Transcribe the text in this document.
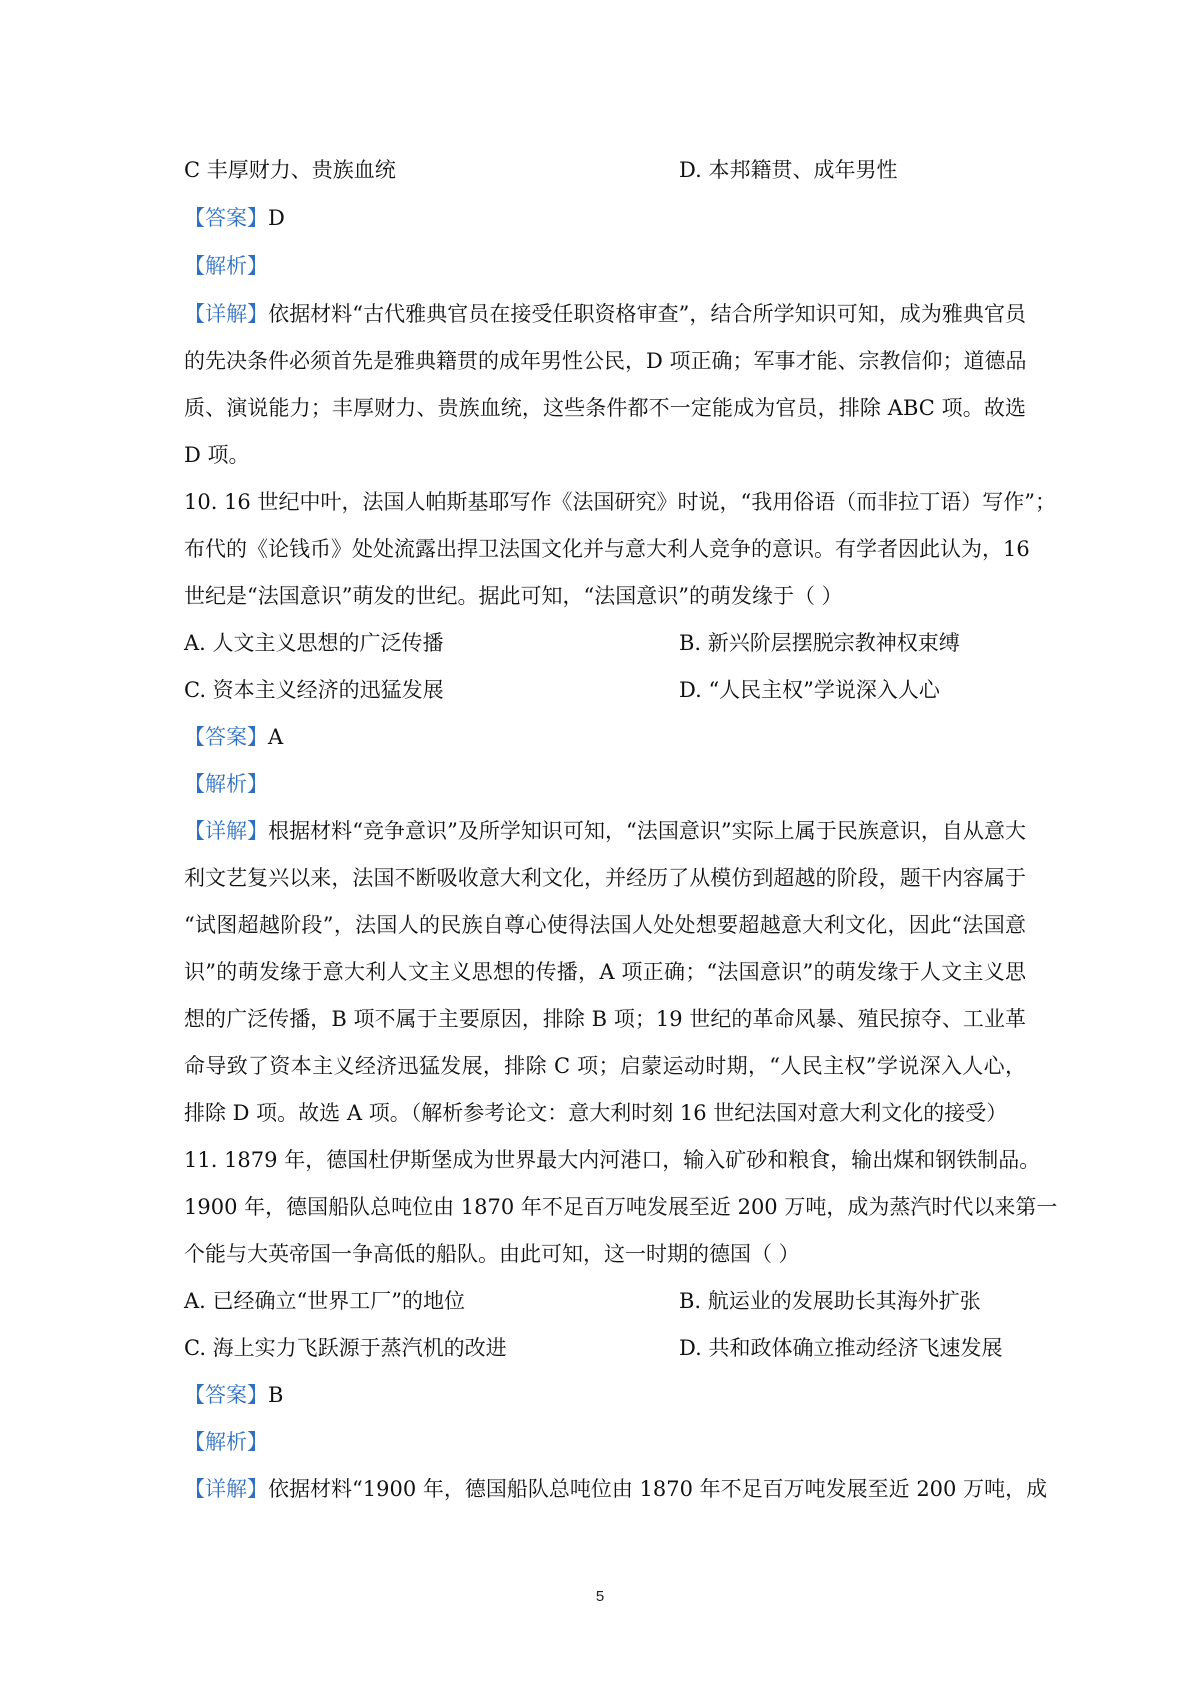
C 丰厚财力、贵族血统	D. 本邦籍贯、成年男性
【答案】D
【解析】
【详解】依据材料“古代雅典官员在接受任职资格审查”，结合所学知识可知，成为雅典官员
的先决条件必须首先是雅典籍贯的成年男性公民，D 项正确；军事才能、宗教信仰；道德品
质、演说能力；丰厚财力、贵族血统，这些条件都不一定能成为官员，排除 ABC 项。故选
D 项。
10. 16 世纪中叶，法国人帕斯基耶写作《法国研究》时说，“我用俗语（而非拉丁语）写作”；
布代的《论钱币》处处流露出捍卫法国文化并与意大利人竞争的意识。有学者因此认为，16
世纪是“法国意识”萌发的世纪。据此可知，“法国意识”的萌发缘于（ ）
A. 人文主义思想的广泛传播	B. 新兴阶层摆脱宗教神权束缚
C. 资本主义经济的迅猛发展	D. “人民主权”学说深入人心
【答案】A
【解析】
【详解】根据材料“竞争意识”及所学知识可知，“法国意识”实际上属于民族意识，自从意大
利文艺复兴以来，法国不断吸收意大利文化，并经历了从模仿到超越的阶段，题干内容属于
“试图超越阶段”，法国人的民族自尊心使得法国人处处想要超越意大利文化，因此“法国意
识”的萌发缘于意大利人文主义思想的传播，A 项正确；“法国意识”的萌发缘于人文主义思
想的广泛传播，B 项不属于主要原因，排除 B 项；19 世纪的革命风暴、殖民掠夺、工业革
命导致了资本主义经济迅猛发展，排除 C 项；启蒙运动时期，“人民主权”学说深入人心，
排除 D 项。故选 A 项。（解析参考论文：意大利时刻 16 世纪法国对意大利文化的接受）
11. 1879 年，德国杜伊斯堡成为世界最大内河港口，输入矿砂和粮食，输出煤和钢铁制品。
1900 年，德国船队总吨位由 1870 年不足百万吨发展至近 200 万吨，成为蒸汽时代以来第一
个能与大英帝国一争高低的船队。由此可知，这一时期的德国（ ）
A. 已经确立“世界工厂”的地位	B. 航运业的发展助长其海外扩张
C. 海上实力飞跃源于蒸汽机的改进	D. 共和政体确立推动经济飞速发展
【答案】B
【解析】
【详解】依据材料“1900 年，德国船队总吨位由 1870 年不足百万吨发展至近 200 万吨，成
5
